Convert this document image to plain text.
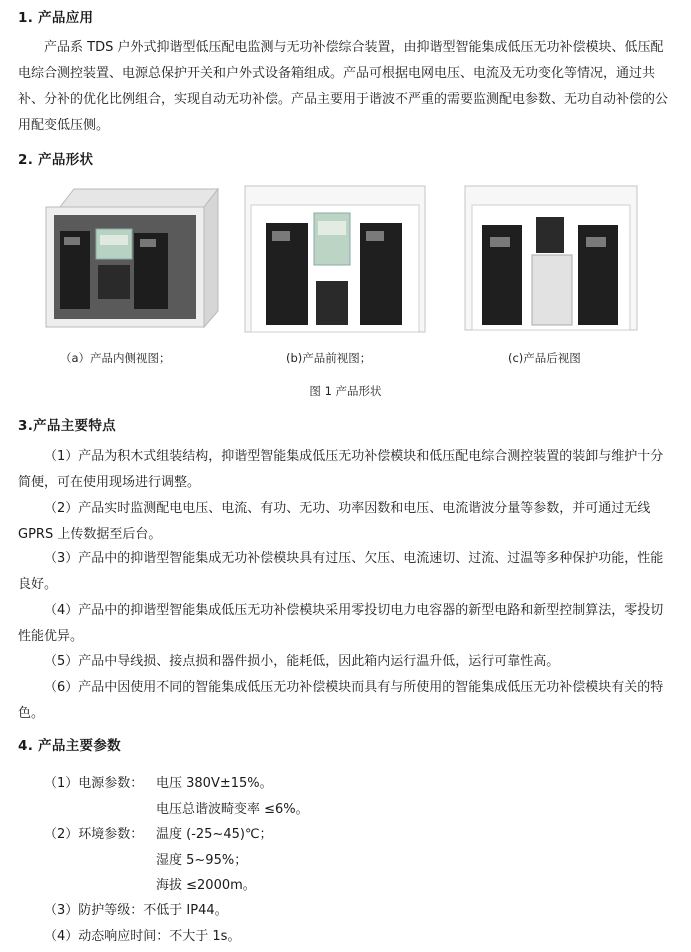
1. 产品应用
产品系 TDS 户外式抑谐型低压配电监测与无功补偿综合装置，由抑谐型智能集成低压无功补偿模块、低压配电综合测控装置、电源总保护开关和户外式设备箱组成。产品可根据电网电压、电流及无功变化等情况，通过共补、分补的优化比例组合，实现自动无功补偿。产品主要用于谐波不严重的需要监测配电参数、无功自动补偿的公用配变低压侧。
2. 产品形状
（a）产品内侧视图；	(b)产品前视图；	(c)产品后视图
图 1 产品形状
3.产品主要特点
（1）产品为积木式组装结构，抑谐型智能集成低压无功补偿模块和低压配电综合测控装置的装卸与维护十分简便，可在使用现场进行调整。
（2）产品实时监测配电电压、电流、有功、无功、功率因数和电压、电流谐波分量等参数，并可通过无线 GPRS 上传数据至后台。
（3）产品中的抑谐型智能集成无功补偿模块具有过压、欠压、电流速切、过流、过温等多种保护功能，性能良好。
（4）产品中的抑谐型智能集成低压无功补偿模块采用零投切电力电容器的新型电路和新型控制算法，零投切性能优异。
（5）产品中导线损、接点损和器件损小，能耗低，因此箱内运行温升低，运行可靠性高。
（6）产品中因使用不同的智能集成低压无功补偿模块而具有与所使用的智能集成低压无功补偿模块有关的特色。
4. 产品主要参数
（1）电源参数： 电压 380V±15%。
电压总谐波畸变率 ≤6%。
（2）环境参数： 温度 (-25~45)℃；
湿度 5~95%；
海拔 ≤2000m。
（3）防护等级：不低于 IP44。
（4）动态响应时间：不大于 1s。
